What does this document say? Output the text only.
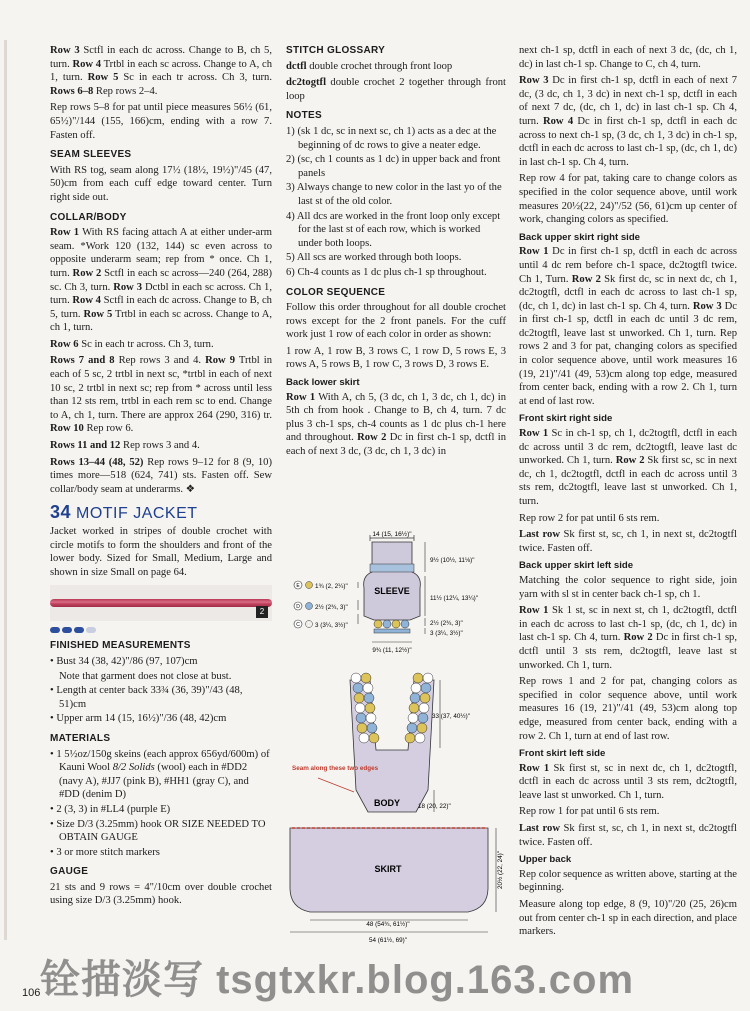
Row 3 Sctfl in each dc across. Change to B, ch 5, turn. Row 4 Trtbl in each sc across. Change to A, ch 1, turn. Row 5 Sc in each tr across. Ch 3, turn. Rows 6–8 Rep rows 2–4.

Rep rows 5–8 for pat until piece measures 56½ (61, 65½)"/144 (155, 166)cm, ending with a row 7. Fasten off.

SEAM SLEEVES

With RS tog, seam along 17½ (18½, 19½)"/45 (47, 50)cm from each cuff edge toward center. Turn right side out.

COLLAR/BODY

Row 1 With RS facing attach A at either under-arm seam. *Work 120 (132, 144) sc even across to opposite underarm seam; rep from * once. Ch 1, turn. Row 2 Sctfl in each sc across—240 (264, 288) sc. Ch 3, turn. Row 3 Dctbl in each sc across. Ch 1, turn. Row 4 Sctfl in each dc across. Change to B, ch 5, turn. Row 5 Trtbl in each sc across. Change to A, ch 1, turn.

Row 6 Sc in each tr across. Ch 3, turn.

Rows 7 and 8 Rep rows 3 and 4. Row 9 Trtbl in each of 5 sc, 2 trtbl in next sc, *trtbl in each of next 10 sc, 2 trtbl in next sc; rep from * across until less than 12 sts rem, trtbl in each rem sc to end. Change to A, ch 1, turn. There are approx 264 (290, 316) tr. Row 10 Rep row 6.

Rows 11 and 12 Rep rows 3 and 4.

Rows 13–44 (48, 52) Rep rows 9–12 for 8 (9, 10) times more—518 (624, 741) sts. Fasten off. Sew collar/body seam at underarms. ❖

34 MOTIF JACKET

Jacket worked in stripes of double crochet with circle motifs to form the shoulders and front of the lower body. Sized for Small, Medium, Large and shown in size Small on page 64.

2
FINISHED MEASUREMENTS

• Bust 34 (38, 42)"/86 (97, 107)cm

Note that garment does not close at bust.

• Length at center back 33¾ (36, 39)"/43 (48, 51)cm

• Upper arm 14 (15, 16½)"/36 (48, 42)cm

MATERIALS

• 1 5½oz/150g skeins (each approx 656yd/600m) of Kauni Wool 8/2 Solids (wool) each in #DD2 (navy A), #JJ7 (pink B), #HH1 (gray C), and #DD (denim D)

• 2 (3, 3) in #LL4 (purple E)

• Size D/3 (3.25mm) hook OR SIZE NEEDED TO OBTAIN GAUGE

• 3 or more stitch markers

GAUGE

21 sts and 9 rows = 4"/10cm over double crochet using size D/3 (3.25mm) hook.

STITCH GLOSSARY

dctfl double crochet through front loop

dc2togtfl double crochet 2 together through front loop

NOTES

1) (sk 1 dc, sc in next sc, ch 1) acts as a dec at the beginning of dc rows to give a neater edge.

2) (sc, ch 1 counts as 1 dc) in upper back and front panels

3) Always change to new color in the last yo of the last st of the old color.

4) All dcs are worked in the front loop only except for the last st of each row, which is worked under both loops.

5) All scs are worked through both loops.

6) Ch-4 counts as 1 dc plus ch-1 sp throughout.

COLOR SEQUENCE

Follow this order throughout for all double crochet rows except for the 2 front panels. For the cuff work just 1 row of each color in order as shown:

1 row A, 1 row B, 3 rows C, 1 row D, 5 rows E, 3 rows A, 5 rows B, 1 row C, 3 rows D, 3 rows E.

Back lower skirt

Row 1 With A, ch 5, (3 dc, ch 1, 3 dc, ch 1, dc) in 5th ch from hook . Change to B, ch 4, turn. 7 dc plus 3 ch-1 sps, ch-4 counts as 1 dc plus ch-1 here and throughout. Row 2 Dc in first ch-1 sp, dctfl in each of next 3 dc, (3 dc, ch 1, 3 dc) in

14 (15, 16½)"
SLEEVE
9½ (10½, 11⅛)"
11½ (12¼, 13¼)"
2½ (2¾, 3)"
3 (3¼, 3½)"
9¾ (11, 12½)"
E 1¾ (2, 2¼)"
D 2½ (2¾, 3)"
C 3 (3¼, 3½)"
33 (37, 40½)"
Seam along these two edges
BODY	18 (20, 22)"
SKIRT	20½ (22, 24)"
48 (54¾, 61½)"
54 (61½, 69)"

next ch-1 sp, dctfl in each of next 3 dc, (dc, ch 1, dc) in last ch-1 sp. Change to C, ch 4, turn.

Row 3 Dc in first ch-1 sp, dctfl in each of next 7 dc, (3 dc, ch 1, 3 dc) in next ch-1 sp, dctfl in each of next 7 dc, (dc, ch 1, dc) in last ch-1 sp. Ch 4, turn. Row 4 Dc in first ch-1 sp, dctfl in each dc across to next ch-1 sp, (3 dc, ch 1, 3 dc) in ch-1 sp, dctfl in each dc across to last ch-1 sp, (dc, ch 1, dc) in last ch-1 sp. Ch 4, turn.

Rep row 4 for pat, taking care to change colors as specified in the color sequence above, until work measures 20½(22, 24)"/52 (56, 61)cm up center of work, changing colors as specified.

Back upper skirt right side

Row 1 Dc in first ch-1 sp, dctfl in each dc across until 4 dc rem before ch-1 space, dc2togtfl twice. Ch 1, Turn. Row 2 Sk first dc, sc in next dc, ch 1, dc2togtfl, dctfl in each dc across to last ch-1 sp, (dc, ch 1, dc) in last ch-1 sp. Ch 4, turn. Row 3 Dc in first ch-1 sp, dctfl in each dc until 3 dc rem, dc2togtfl, leave last st unworked. Ch 1, turn. Rep rows 2 and 3 for pat, changing colors as specified in color sequence above, until work measures 16 (19, 21)"/41 (49, 53)cm along top edge, measured from center back, ending with a row 2. Ch 1, turn at end of last row.

Front skirt right side

Row 1 Sc in ch-1 sp, ch 1, dc2togtfl, dctfl in each dc across until 3 dc rem, dc2togtfl, leave last dc unworked. Ch 1, turn. Row 2 Sk first sc, sc in next dc, ch 1, dc2togtfl, dctfl in each dc across until 3 sts rem, dc2togtfl, leave last st unworked. Ch 1, turn.

Rep row 2 for pat until 6 sts rem.

Last row Sk first st, sc, ch 1, in next st, dc2togtfl twice. Fasten off.

Back upper skirt left side

Matching the color sequence to right side, join yarn with sl st in center back ch-1 sp, ch 1.

Row 1 Sk 1 st, sc in next st, ch 1, dc2togtfl, dctfl in each dc across to last ch-1 sp, (dc, ch 1, dc) in last ch-1 sp. Ch 4, turn. Row 2 Dc in first ch-1 sp, dctfl until 3 sts rem, dc2togtfl, leave last st unworked. Ch 1, turn.

Rep rows 1 and 2 for pat, changing colors as specified in color sequence above, until work measures 16 (19, 21)"/41 (49, 53)cm along top edge, measured from center back, ending with a row 2. Ch 1, turn at end of last row.

Front skirt left side

Row 1 Sk first st, sc in next dc, ch 1, dc2togtfl, dctfl in each dc across until 3 sts rem, dc2togtfl, leave last st unworked. Ch 1, turn.

Rep row 1 for pat until 6 sts rem.

Last row Sk first st, sc, ch 1, in next st, dc2togtfl twice. Fasten off.

Upper back

Rep color sequence as written above, starting at the beginning.

Measure along top edge, 8 (9, 10)"/20 (25, 26)cm out from center ch-1 sp in each direction, and place markers.

106 铨描淡写 tsgtxkr.blog.163.com
